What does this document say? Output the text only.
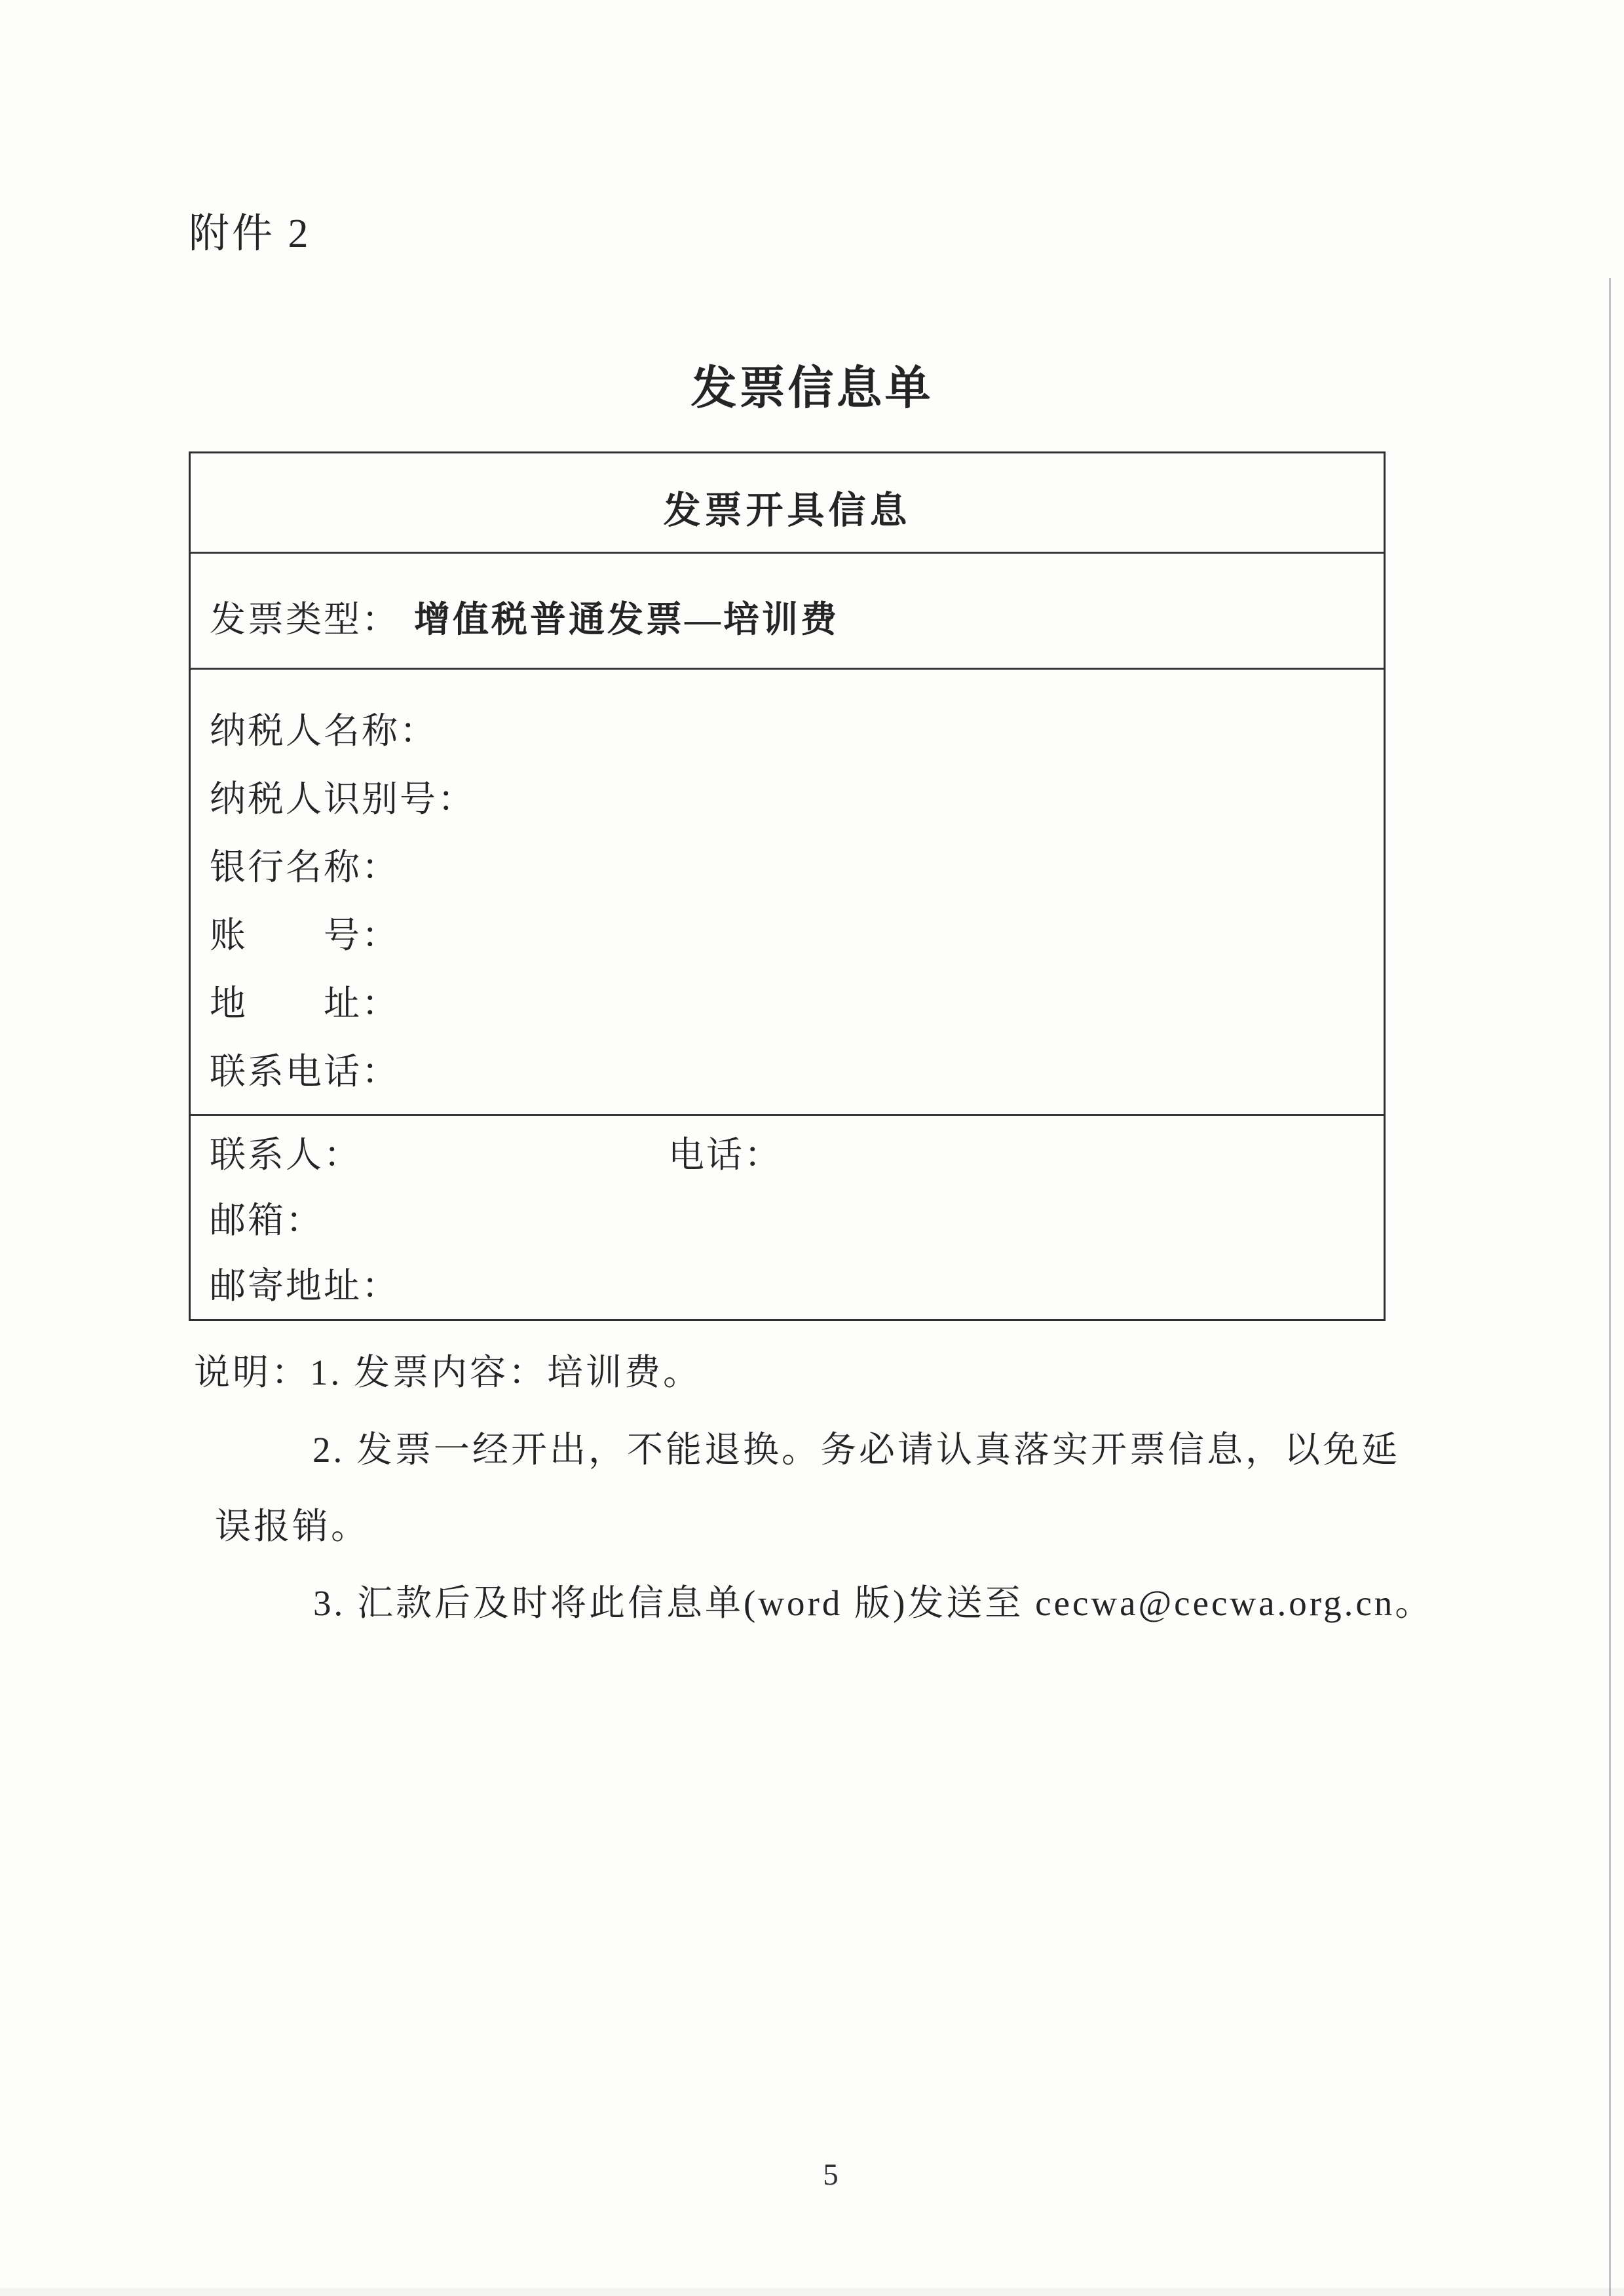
附件 2
发票信息单
发票开具信息
发票类型： 增值税普通发票—培训费
纳税人名称：
纳税人识别号：
银行名称：
账　　号：
地　　址：
联系电话：
联系人：	电话：
邮箱：
邮寄地址：
说明：1. 发票内容：培训费。
2. 发票一经开出，不能退换。务必请认真落实开票信息，以免延
误报销。
3. 汇款后及时将此信息单(word 版)发送至 cecwa@cecwa.org.cn。
5
